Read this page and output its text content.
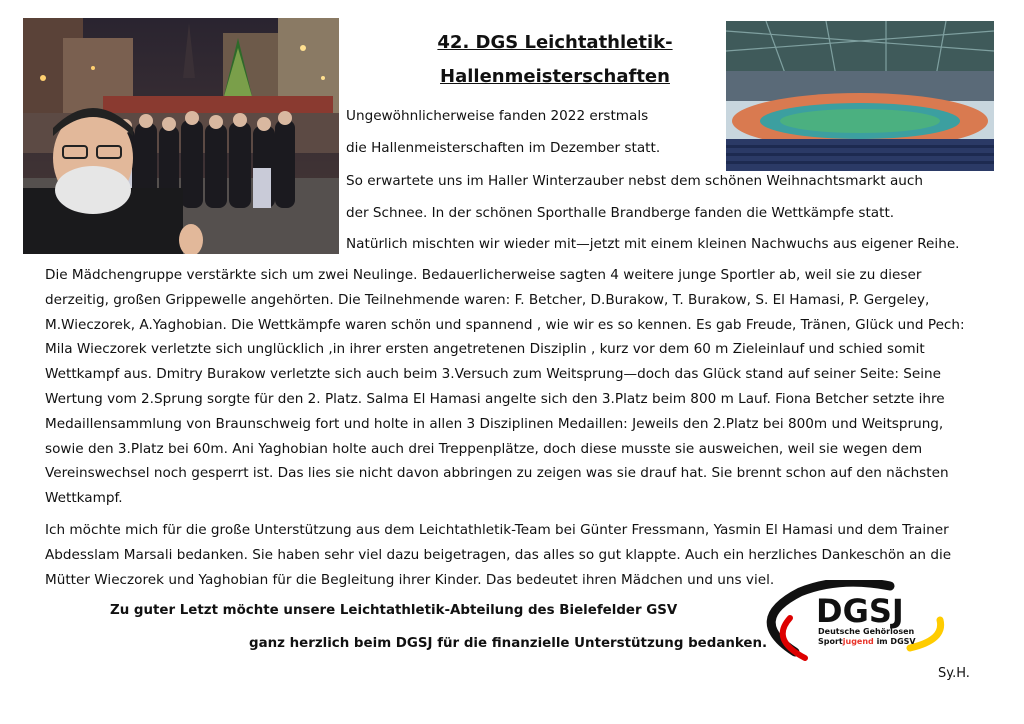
42. DGS Leichtathletik-
Hallenmeisterschaften
Ungewöhnlicherweise fanden 2022 erstmals
die Hallenmeisterschaften im Dezember statt.
So erwartete uns im Haller Winterzauber nebst dem schönen Weihnachtsmarkt auch
der Schnee. In der schönen Sporthalle Brandberge fanden die Wettkämpfe statt.
Natürlich mischten wir wieder mit—jetzt mit einem kleinen Nachwuchs aus eigener Reihe.
Die Mädchengruppe verstärkte sich um zwei Neulinge. Bedauerlicherweise sagten 4 weitere junge Sportler ab, weil sie zu dieser derzeitig, großen Grippewelle angehörten. Die Teilnehmende waren: F. Betcher, D.Burakow, T. Burakow, S. El Hamasi, P. Gergeley, M.Wieczorek, A.Yaghobian. Die Wettkämpfe waren schön und spannend , wie wir es so kennen. Es gab Freude, Tränen, Glück und Pech: Mila Wieczorek verletzte sich unglücklich ,in ihrer ersten angetretenen Disziplin , kurz vor dem 60 m Zieleinlauf und schied somit Wettkampf aus. Dmitry Burakow verletzte sich auch beim 3.Versuch zum Weitsprung—doch das Glück stand auf seiner Seite: Seine Wertung vom 2.Sprung sorgte für den 2. Platz. Salma El Hamasi angelte sich den 3.Platz beim 800 m Lauf. Fiona Betcher setzte ihre Medaillensammlung von Braunschweig fort und holte in allen 3 Disziplinen Medaillen: Jeweils den 2.Platz bei 800m und Weitsprung, sowie den 3.Platz bei 60m. Ani Yaghobian holte auch drei Treppenplätze, doch diese musste sie ausweichen, weil sie wegen dem Vereinswechsel noch gesperrt ist. Das lies sie nicht davon abbringen zu zeigen was sie drauf hat. Sie brennt schon auf den nächsten Wettkampf.
Ich möchte mich für die große Unterstützung aus dem Leichtathletik-Team bei Günter Fressmann, Yasmin El Hamasi und dem Trainer Abdesslam Marsali bedanken. Sie haben sehr viel dazu beigetragen, das alles so gut klappte. Auch ein herzliches Dankeschön an die Mütter Wieczorek und Yaghobian für die Begleitung ihrer Kinder. Das bedeutet ihren Mädchen und uns viel.
Zu guter Letzt möchte unsere Leichtathletik-Abteilung des Bielefelder GSV
ganz herzlich beim DGSJ für die finanzielle Unterstützung bedanken.
DGSJ
Deutsche Gehörlosen
Sportjugend im DGSV
Sy.H.
